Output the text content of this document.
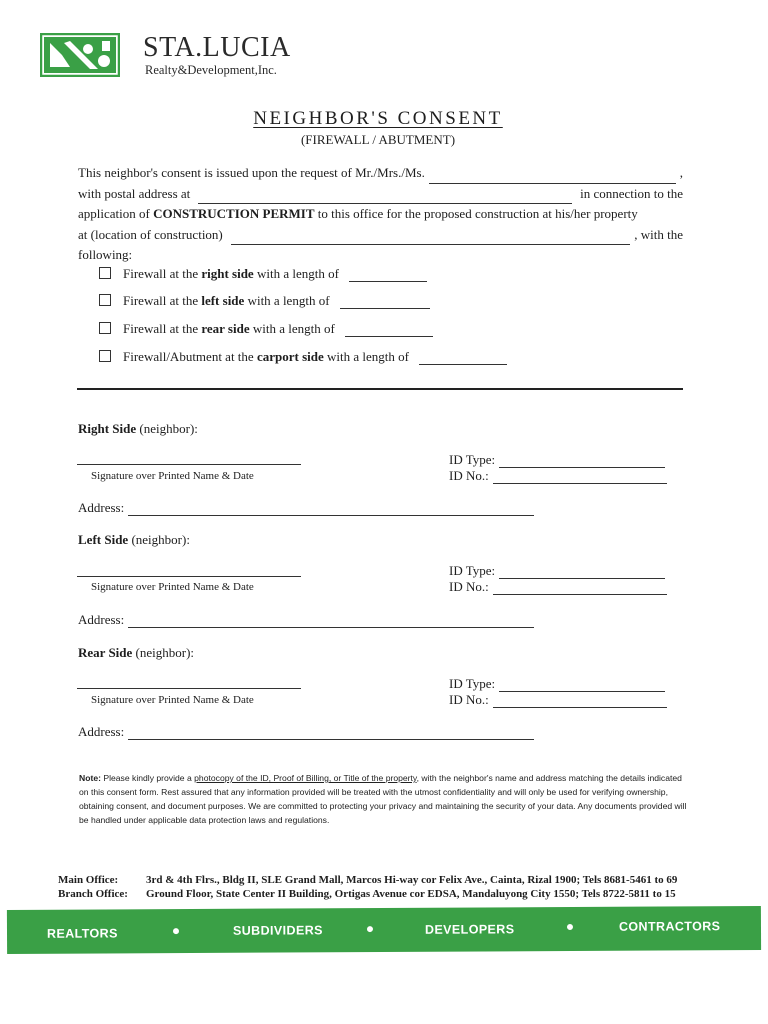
STA.LUCIA
Realty&Development,Inc.
NEIGHBOR'S CONSENT
(FIREWALL / ABUTMENT)
This neighbor's consent is issued upon the request of Mr./Mrs./Ms.	,
with postal address at	in connection to the
application of CONSTRUCTION PERMIT to this office for the proposed construction at his/her property
at (location of construction)	, with the
following:
Firewall at the
right side
with a length of
Firewall at the
left side
with a length of
Firewall at the
rear side
with a length of
Firewall/Abutment at the
carport side
with a length of
Right Side (neighbor):
Signature over Printed Name & Date
ID Type:
ID No.:
Address:
Left Side (neighbor):
Signature over Printed Name & Date
ID Type:
ID No.:
Address:
Rear Side (neighbor):
Signature over Printed Name & Date
ID Type:
ID No.:
Address:
Note: Please kindly provide a photocopy of the ID, Proof of Billing, or Title of the property, with the neighbor's name and address matching the details indicated on this consent form. Rest assured that any information provided will be treated with the utmost confidentiality and will only be used for verifying ownership, obtaining consent, and document purposes. We are committed to protecting your privacy and maintaining the security of your data. Any documents provided will be handled under applicable data protection laws and regulations.
Main Office:	3rd & 4th Flrs., Bldg II, SLE Grand Mall, Marcos Hi-way cor Felix Ave., Cainta, Rizal 1900; Tels 8681-5461 to 69
Branch Office: Ground Floor, State Center II Building, Ortigas Avenue cor EDSA, Mandaluyong City 1550; Tels 8722-5811 to 15
REALTORS	SUBDIVIDERS	DEVELOPERS	CONTRACTORS
